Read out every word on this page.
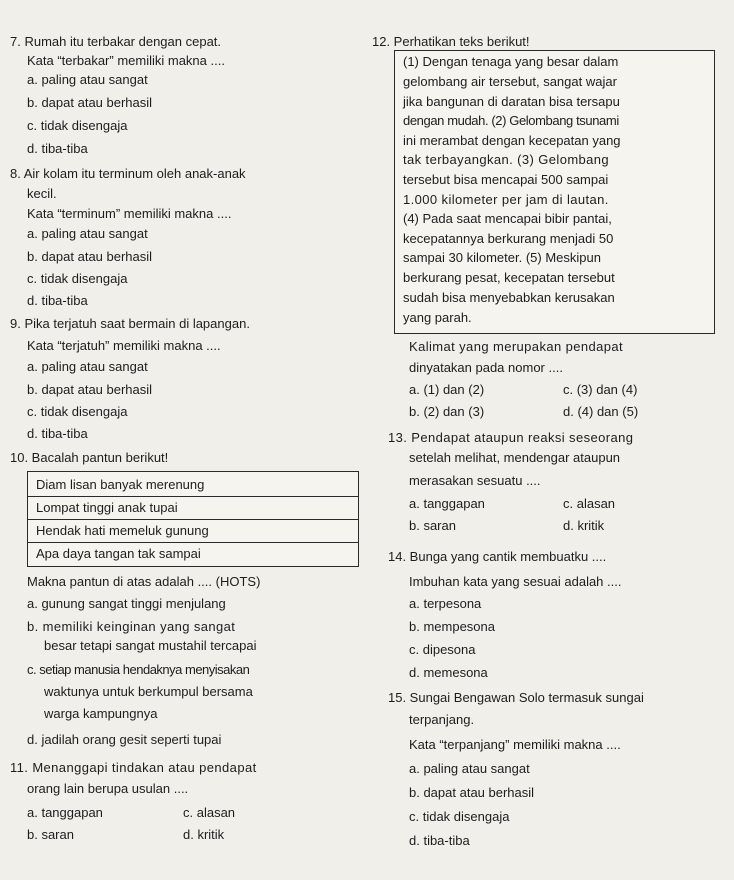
7. Rumah itu terbakar dengan cepat.
Kata “terbakar” memiliki makna ....
a. paling atau sangat
b. dapat atau berhasil
c. tidak disengaja
d. tiba-tiba
8. Air kolam itu terminum oleh anak-anak
kecil.
Kata “terminum” memiliki makna ....
a. paling atau sangat
b. dapat atau berhasil
c. tidak disengaja
d. tiba-tiba
9. Pika terjatuh saat bermain di lapangan.
Kata “terjatuh” memiliki makna ....
a. paling atau sangat
b. dapat atau berhasil
c. tidak disengaja
d. tiba-tiba
10. Bacalah pantun berikut!
Diam lisan banyak merenung
Lompat tinggi anak tupai
Hendak hati memeluk gunung
Apa daya tangan tak sampai
Makna pantun di atas adalah .... (HOTS)
a. gunung sangat tinggi menjulang
b. memiliki keinginan yang sangat
besar tetapi sangat mustahil tercapai
c. setiap manusia hendaknya menyisakan
waktunya untuk berkumpul bersama
warga kampungnya
d. jadilah orang gesit seperti tupai
11. Menanggapi tindakan atau pendapat
orang lain berupa usulan ....
a. tanggapan	c. alasan
b. saran	d. kritik
12. Perhatikan teks berikut!
(1) Dengan tenaga yang besar dalam
gelombang air tersebut, sangat wajar
jika bangunan di daratan bisa tersapu
dengan mudah. (2) Gelombang tsunami
ini merambat dengan kecepatan yang
tak terbayangkan. (3) Gelombang
tersebut bisa mencapai 500 sampai
1.000 kilometer per jam di lautan.
(4) Pada saat mencapai bibir pantai,
kecepatannya berkurang menjadi 50
sampai 30 kilometer. (5) Meskipun
berkurang pesat, kecepatan tersebut
sudah bisa menyebabkan kerusakan
yang parah.
Kalimat yang merupakan pendapat
dinyatakan pada nomor ....
a. (1) dan (2)	c. (3) dan (4)
b. (2) dan (3)	d. (4) dan (5)
13. Pendapat ataupun reaksi seseorang
setelah melihat, mendengar ataupun
merasakan sesuatu ....
a. tanggapan	c. alasan
b. saran	d. kritik
14. Bunga yang cantik membuatku ....
Imbuhan kata yang sesuai adalah ....
a. terpesona
b. mempesona
c. dipesona
d. memesona
15. Sungai Bengawan Solo termasuk sungai
terpanjang.
Kata “terpanjang” memiliki makna ....
a. paling atau sangat
b. dapat atau berhasil
c. tidak disengaja
d. tiba-tiba
